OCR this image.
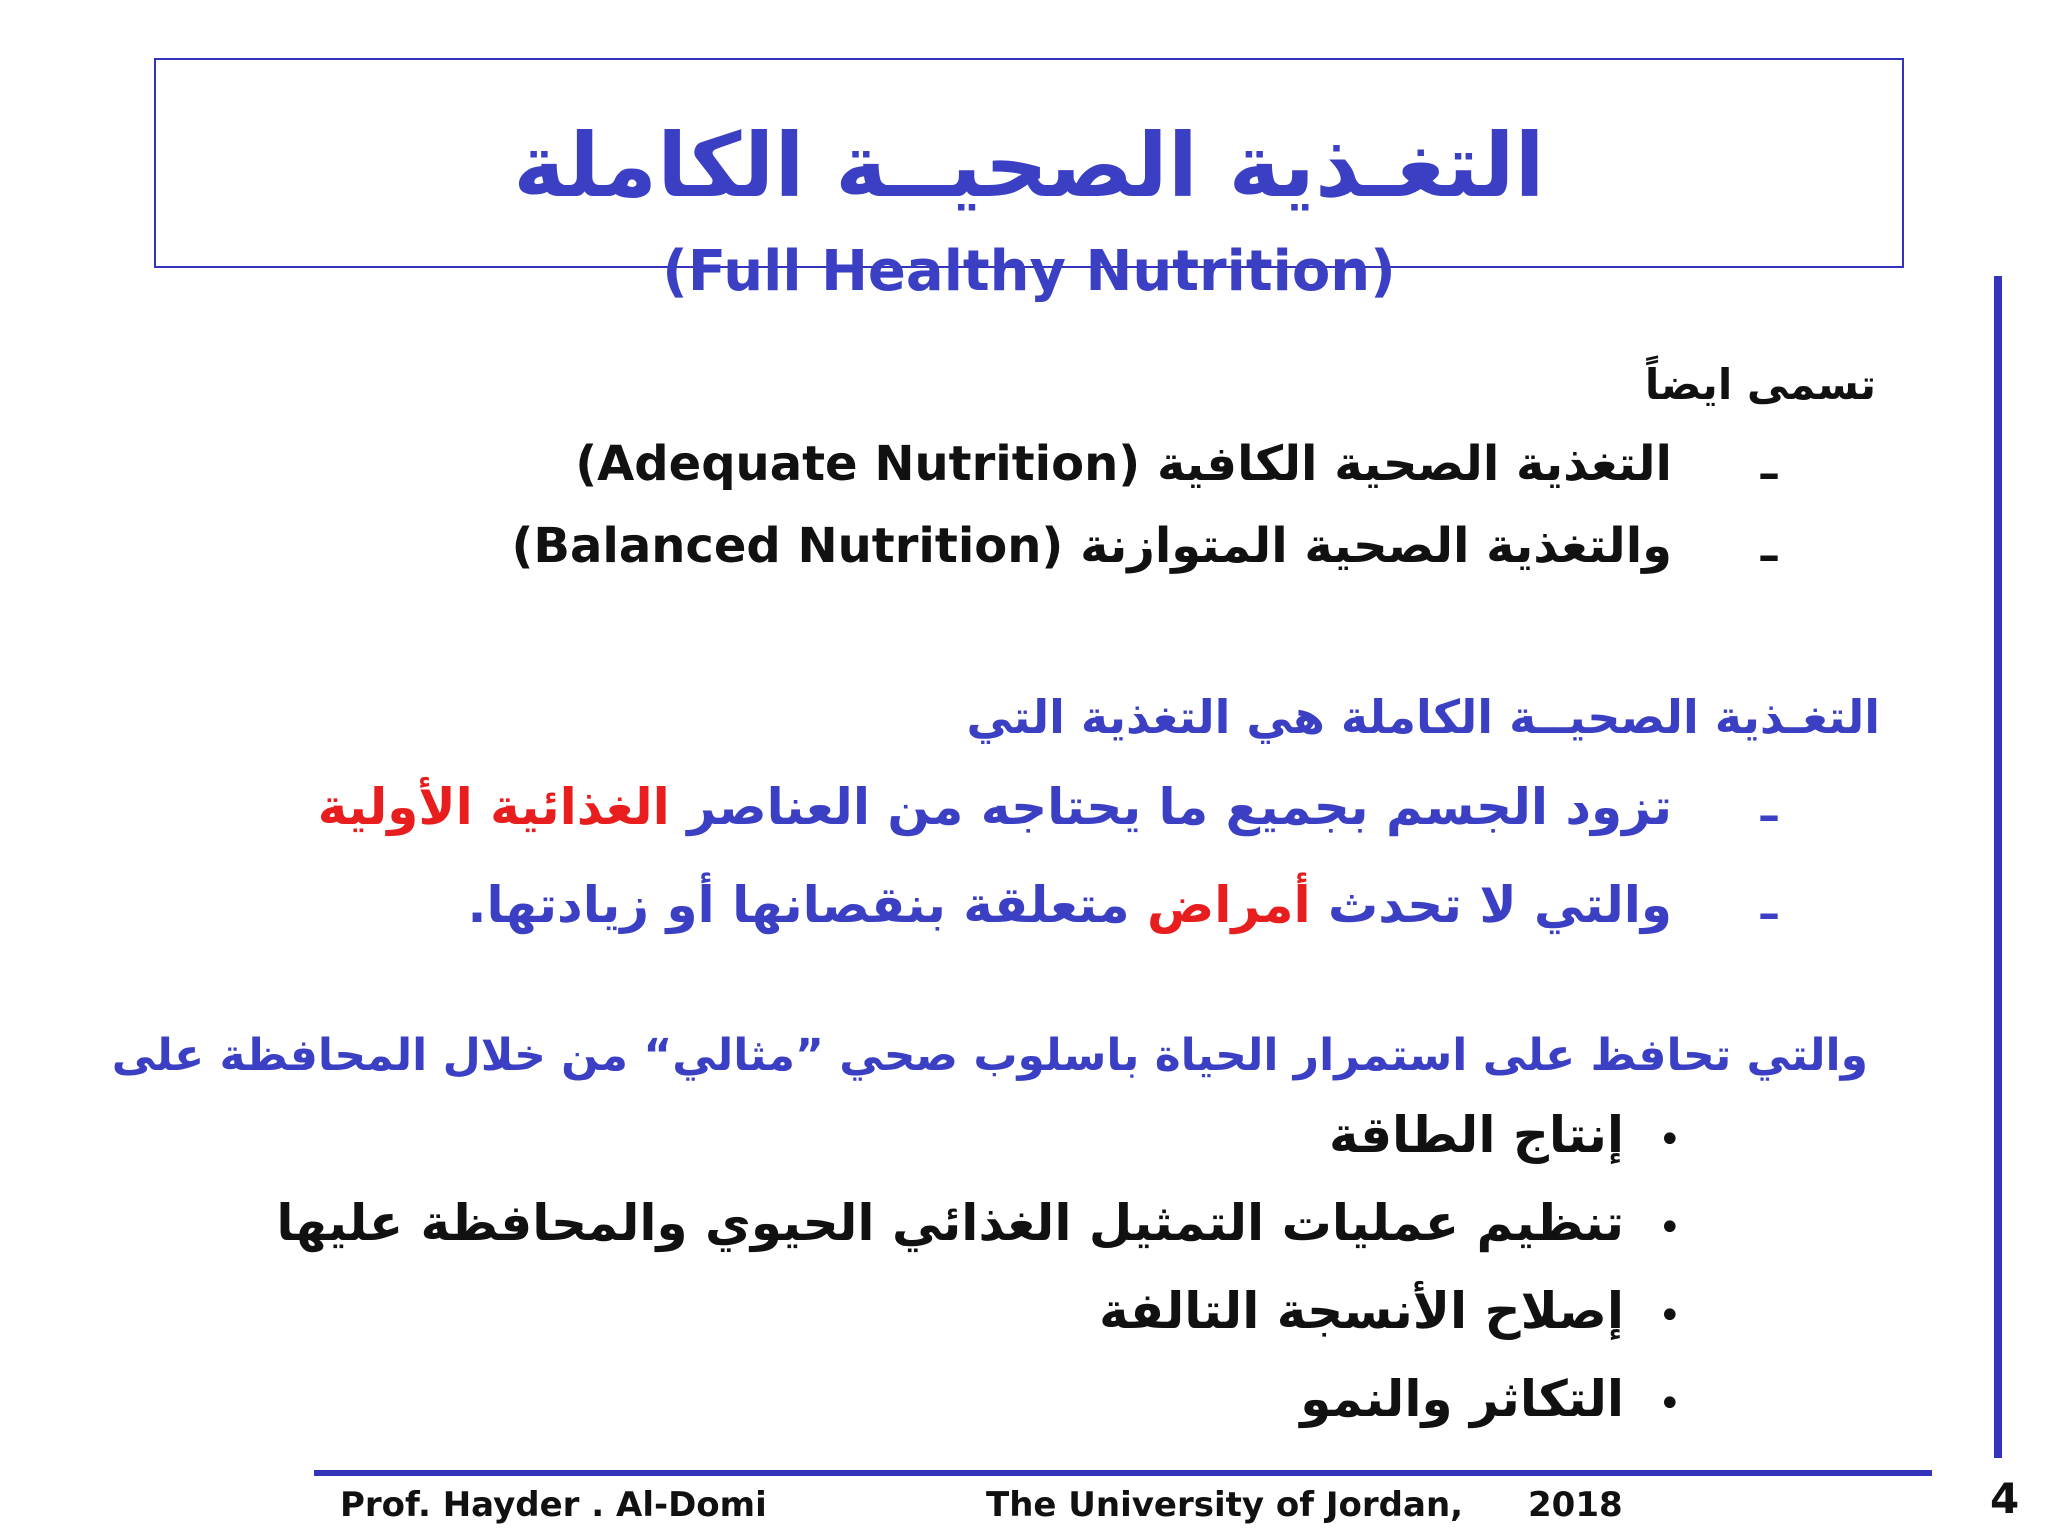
التغـذية الصحيــة الكاملة
(Full Healthy Nutrition)
تسمى ايضاً
–
التغذية الصحية الكافية (Adequate Nutrition)
–
والتغذية الصحية المتوازنة (Balanced Nutrition)
التغـذية الصحيــة الكاملة هي التغذية التي
–
تزود الجسم بجميع ما يحتاجه من العناصر الغذائية الأولية
–
والتي لا تحدث أمراض متعلقة بنقصانها أو زيادتها.
والتي تحافظ على استمرار الحياة باسلوب صحي ”مثالي“ من خلال المحافظة على
•
إنتاج الطاقة
•
تنظيم عمليات التمثيل الغذائي الحيوي والمحافظة عليها
•
إصلاح الأنسجة التالفة
•
التكاثر والنمو
Prof. Hayder . Al-Domi	The University of Jordan, 2018	4
